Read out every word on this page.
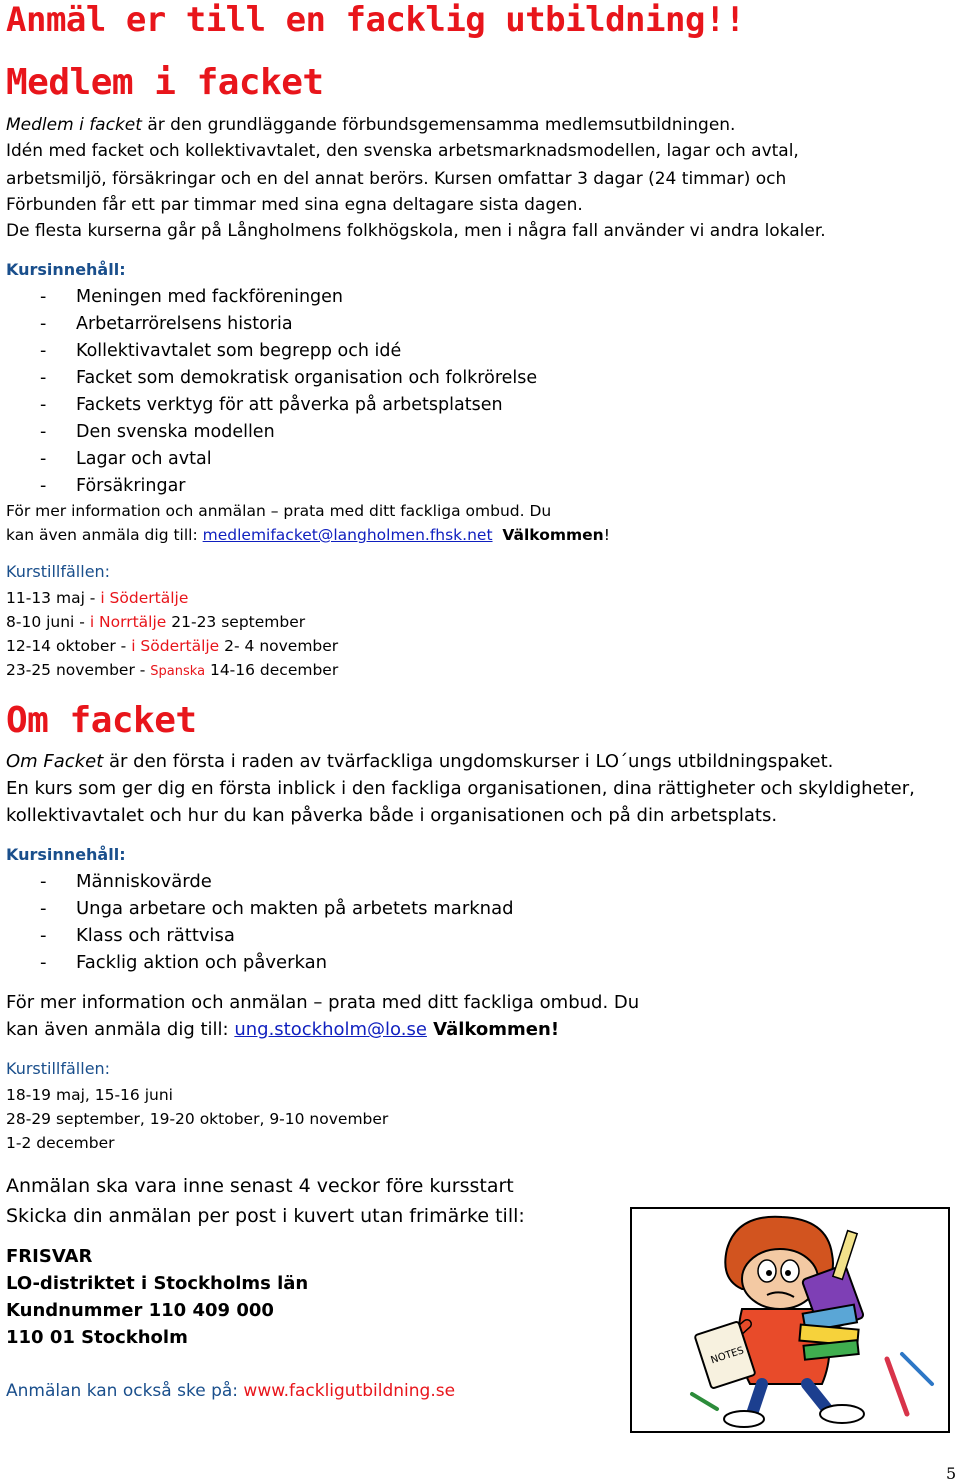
Anmäl er till en facklig utbildning!!
Medlem i facket
Medlem i facket är den grundläggande förbundsgemensamma medlemsutbildningen.
Idén med facket och kollektivavtalet, den svenska arbetsmarknadsmodellen, lagar och avtal,
arbetsmiljö, försäkringar och en del annat berörs. Kursen omfattar 3 dagar (24 timmar) och
Förbunden får ett par timmar med sina egna deltagare sista dagen.
De flesta kurserna går på Långholmens folkhögskola, men i några fall använder vi andra lokaler.
Kursinnehåll:
- Meningen med fackföreningen
- Arbetarrörelsens historia
- Kollektivavtalet som begrepp och idé
- Facket som demokratisk organisation och folkrörelse
- Fackets verktyg för att påverka på arbetsplatsen
- Den svenska modellen
- Lagar och avtal
- Försäkringar
För mer information och anmälan – prata med ditt fackliga ombud. Du
kan även anmäla dig till: medlemifacket@langholmen.fhsk.net Välkommen!
Kurstillfällen:
11-13 maj - i Södertälje
8-10 juni - i Norrtälje 21-23 september
12-14 oktober - i Södertälje 2- 4 november
23-25 november - Spanska 14-16 december
Om facket
Om Facket är den första i raden av tvärfackliga ungdomskurser i LO´ungs utbildningspaket.
En kurs som ger dig en första inblick i den fackliga organisationen, dina rättigheter och skyldigheter,
kollektivavtalet och hur du kan påverka både i organisationen och på din arbetsplats.
Kursinnehåll:
- Människovärde
- Unga arbetare och makten på arbetets marknad
- Klass och rättvisa
- Facklig aktion och påverkan
För mer information och anmälan – prata med ditt fackliga ombud. Du
kan även anmäla dig till: ung.stockholm@lo.se Välkommen!
Kurstillfällen:
18-19 maj, 15-16 juni
28-29 september, 19-20 oktober, 9-10 november
1-2 december
Anmälan ska vara inne senast 4 veckor före kursstart
Skicka din anmälan per post i kuvert utan frimärke till:
FRISVAR
LO-distriktet i Stockholms län
Kundnummer 110 409 000
110 01 Stockholm
Anmälan kan också ske på: www.fackligutbildning.se
NOTES
5
